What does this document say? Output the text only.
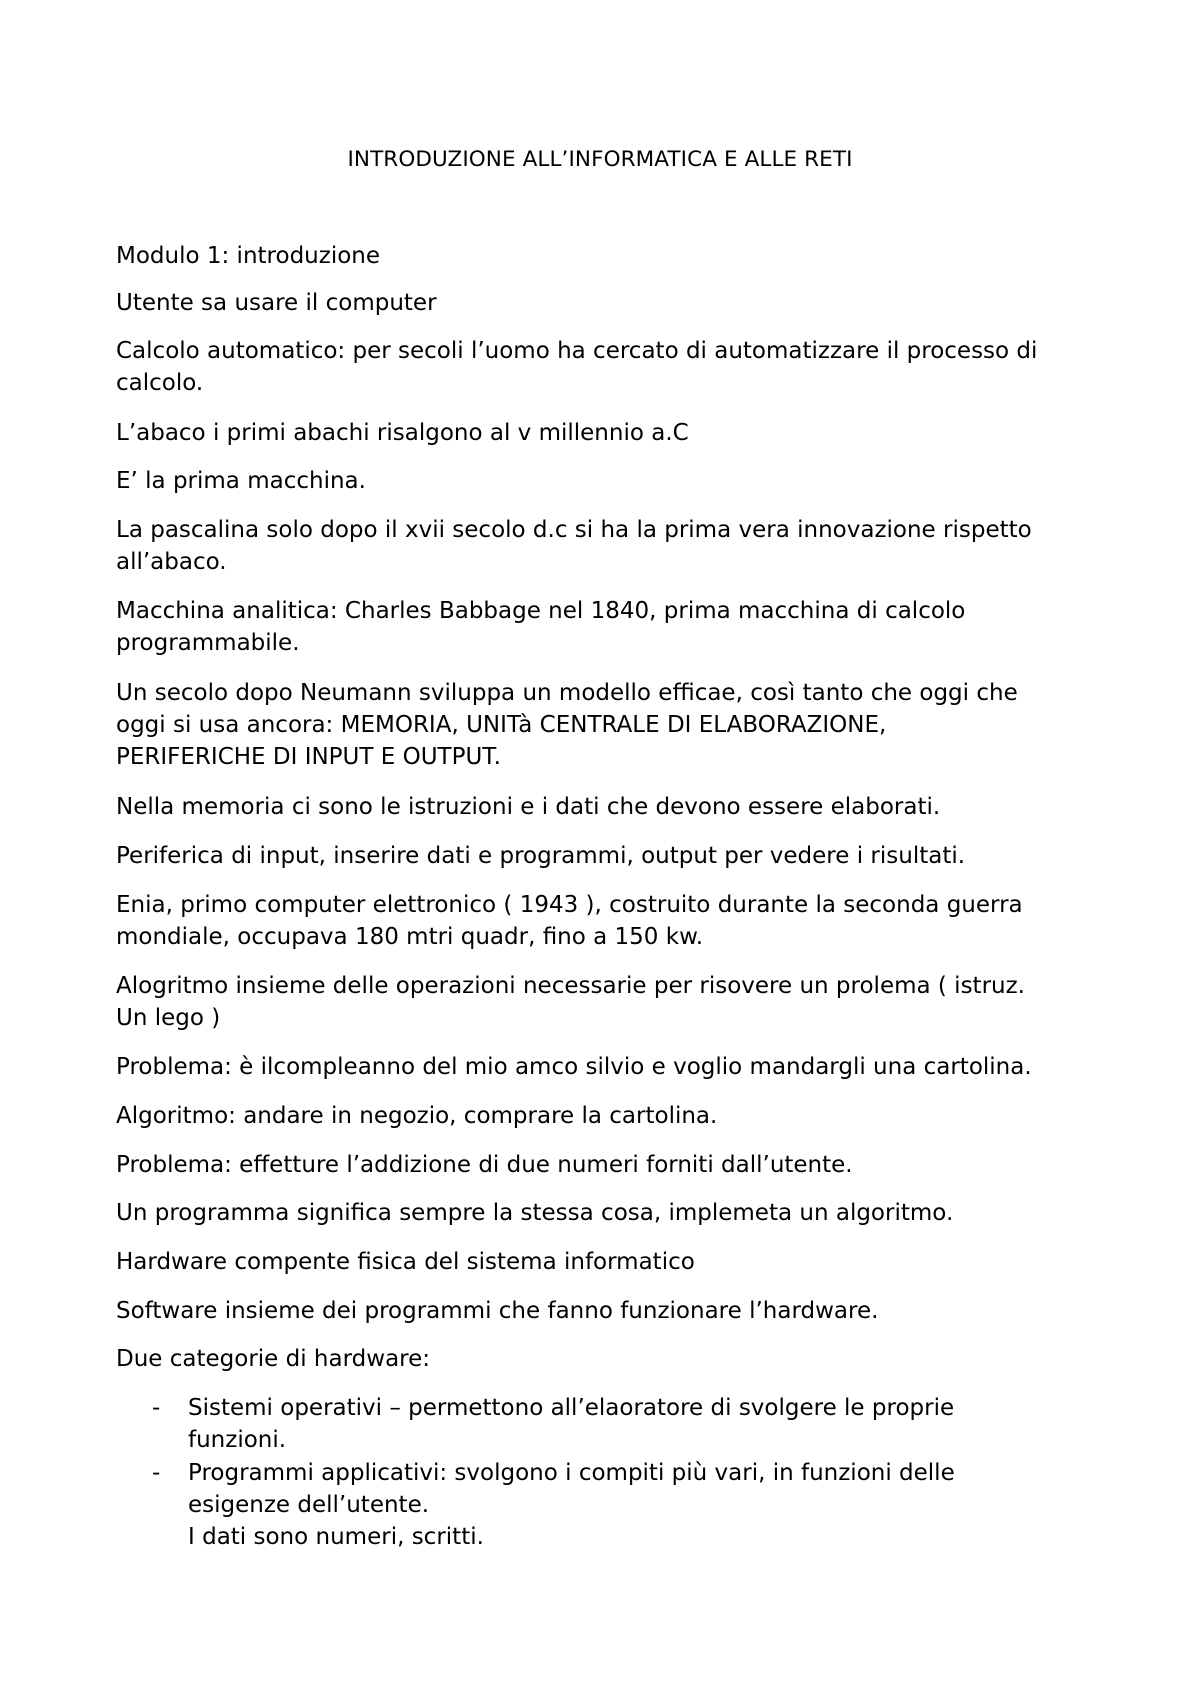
INTRODUZIONE ALL’INFORMATICA E ALLE RETI

Modulo 1: introduzione

Utente sa usare il computer

Calcolo automatico: per secoli l’uomo ha cercato di automatizzare il processo di
calcolo.

L’abaco i primi abachi risalgono al v millennio a.C

E’ la prima macchina.

La pascalina solo dopo il xvii secolo d.c si ha la prima vera innovazione rispetto
all’abaco.

Macchina analitica: Charles Babbage nel 1840, prima macchina di calcolo
programmabile.

Un secolo dopo Neumann sviluppa un modello efficae, così tanto che oggi che
oggi si usa ancora: MEMORIA, UNITà CENTRALE DI ELABORAZIONE,
PERIFERICHE DI INPUT E OUTPUT.

Nella memoria ci sono le istruzioni e i dati che devono essere elaborati.

Periferica di input, inserire dati e programmi, output per vedere i risultati.

Enia, primo computer elettronico ( 1943 ), costruito durante la seconda guerra
mondiale, occupava 180 mtri quadr, fino a 150 kw.

Alogritmo insieme delle operazioni necessarie per risovere un prolema ( istruz.
Un lego )

Problema: è ilcompleanno del mio amco silvio e voglio mandargli una cartolina.

Algoritmo: andare in negozio, comprare la cartolina.

Problema: effetture l’addizione di due numeri forniti dall’utente.

Un programma significa sempre la stessa cosa, implemeta un algoritmo.

Hardware compente fisica del sistema informatico

Software insieme dei programmi che fanno funzionare l’hardware.

Due categorie di hardware:

- Sistemi operativi – permettono all’elaoratore di svolgere le proprie
funzioni.
- Programmi applicativi: svolgono i compiti più vari, in funzioni delle
esigenze dell’utente.
I dati sono numeri, scritti.
